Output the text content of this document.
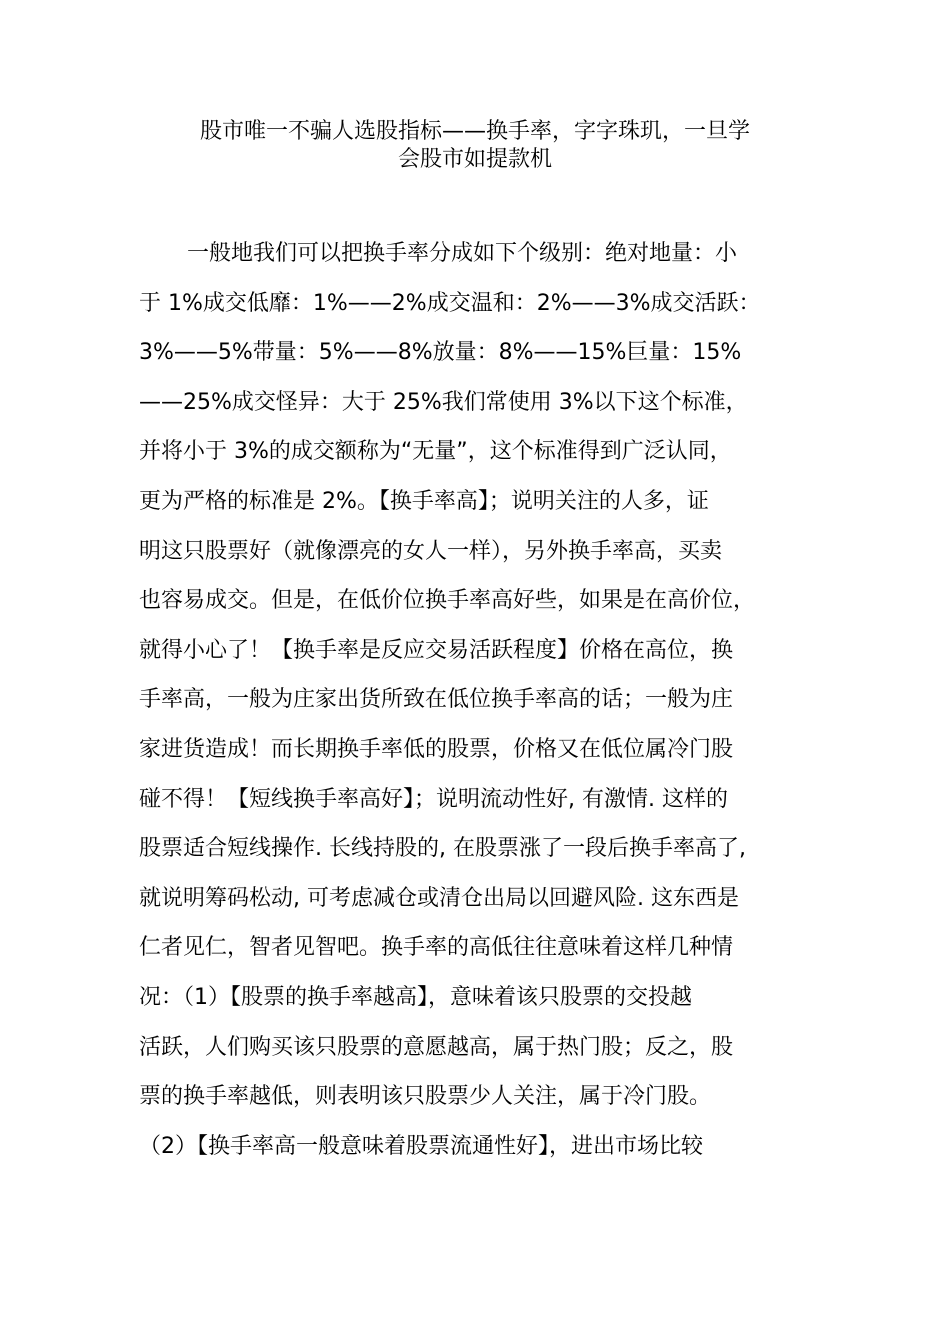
股市唯一不骗人选股指标——换手率，字字珠玑，一旦学
会股市如提款机
一般地我们可以把换手率分成如下个级别：绝对地量：小
于 1%成交低靡：1%——2%成交温和：2%——3%成交活跃：
3%——5%带量：5%——8%放量：8%——15%巨量：15%
——25%成交怪异：大于 25%我们常使用 3%以下这个标准，
并将小于 3%的成交额称为“无量”，这个标准得到广泛认同，
更为严格的标准是 2%。【换手率高】；说明关注的人多，证
明这只股票好（就像漂亮的女人一样），另外换手率高，买卖
也容易成交。但是，在低价位换手率高好些，如果是在高价位，
就得小心了！【换手率是反应交易活跃程度】价格在高位，换
手率高，一般为庄家出货所致在低位换手率高的话；一般为庄
家进货造成！而长期换手率低的股票，价格又在低位属冷门股
碰不得！【短线换手率高好】；说明流动性好, 有激情. 这样的
股票适合短线操作. 长线持股的, 在股票涨了一段后换手率高了,
就说明筹码松动, 可考虑减仓或清仓出局以回避风险. 这东西是
仁者见仁，智者见智吧。换手率的高低往往意味着这样几种情
况：（1）【股票的换手率越高】，意味着该只股票的交投越
活跃，人们购买该只股票的意愿越高，属于热门股；反之，股
票的换手率越低，则表明该只股票少人关注，属于冷门股。
（2）【换手率高一般意味着股票流通性好】，进出市场比较
